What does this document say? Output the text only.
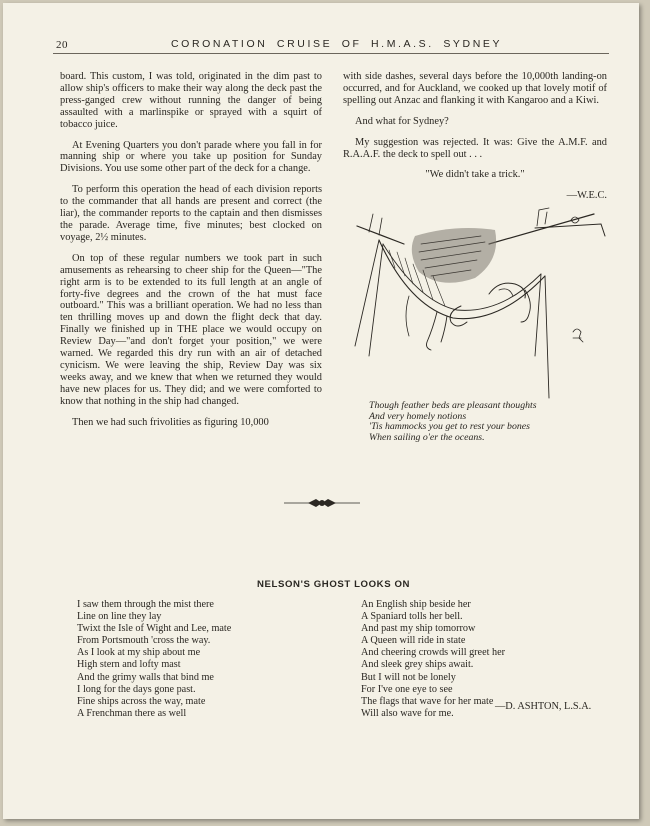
20	CORONATION CRUISE OF H.M.A.S. SYDNEY

board. This custom, I was told, originated in the dim past to allow ship's officers to make their way along the deck past the press-ganged crew without running the danger of being assaulted with a marlinspike or sprayed with a squirt of tobacco juice.

At Evening Quarters you don't parade where you fall in for manning ship or where you take up position for Sunday Divisions. You use some other part of the deck for a change.

To perform this operation the head of each division reports to the commander that all hands are present and correct (the liar), the commander reports to the captain and then dismisses the parade. Average time, five minutes; best clocked on voyage, 2½ minutes.

On top of these regular numbers we took part in such amusements as rehearsing to cheer ship for the Queen—"The right arm is to be extended to its full length at an angle of forty-five degrees and the crown of the hat must face outboard." This was a brilliant operation. We had no less than ten thrilling moves up and down the flight deck that day. Finally we finished up in THE place we would occupy on Review Day—"and don't forget your position," we were warned. We regarded this dry run with an air of detached cynicism. We were leaving the ship, Review Day was six weeks away, and we knew that when we returned they would have new places for us. They did; and we were comforted to know that nothing in the ship had changed.

Then we had such frivolities as figuring 10,000

with side dashes, several days before the 10,000th landing-on occurred, and for Auckland, we cooked up that lovely motif of spelling out Anzac and flanking it with Kangaroo and a Kiwi.

And what for Sydney?

My suggestion was rejected. It was: Give the A.M.F. and R.A.A.F. the deck to spell out . . .

"We didn't take a trick."

—W.E.C.

Though feather beds are pleasant thoughts
And very homely notions
'Tis hammocks you get to rest your bones
When sailing o'er the oceans.
NELSON'S GHOST LOOKS ON
I saw them through the mist there
Line on line they lay
Twixt the Isle of Wight and Lee, mate
From Portsmouth 'cross the way.
As I look at my ship about me
High stern and lofty mast
And the grimy walls that bind me
I long for the days gone past.
Fine ships across the way, mate
A Frenchman there as well
An English ship beside her
A Spaniard tolls her bell.
And past my ship tomorrow
A Queen will ride in state
And cheering crowds will greet her
And sleek grey ships await.
But I will not be lonely
For I've one eye to see
The flags that wave for her mate
Will also wave for me.
—D. ASHTON, L.S.A.
